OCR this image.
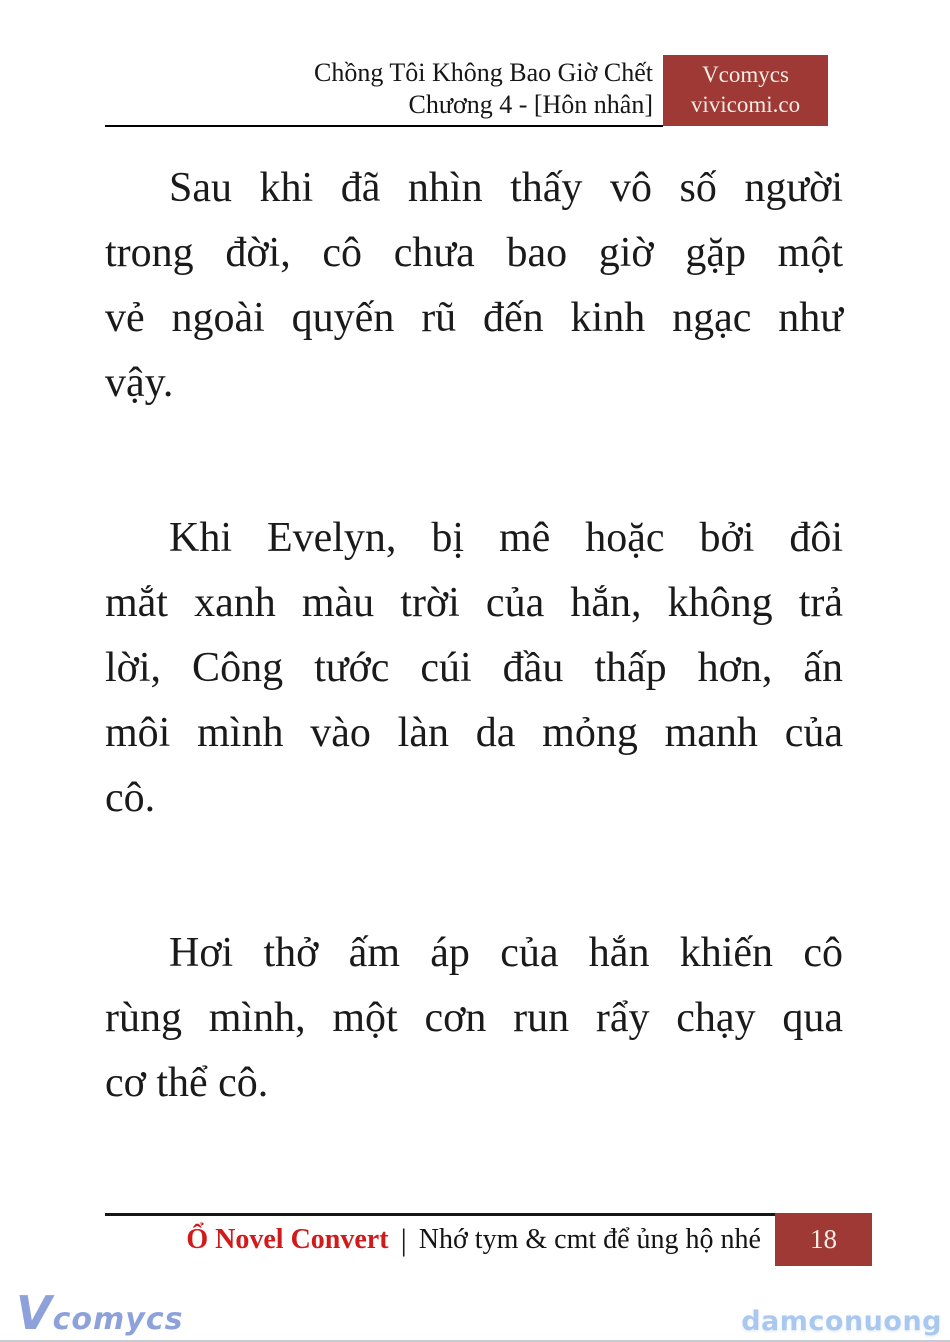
Chồng Tôi Không Bao Giờ Chết
Chương 4 - [Hôn nhân]
Vcomycs
vivicomi.co
Sau khi đã nhìn thấy vô số người
trong đời, cô chưa bao giờ gặp một
vẻ ngoài quyến rũ đến kinh ngạc như
vậy.
Khi Evelyn, bị mê hoặc bởi đôi
mắt xanh màu trời của hắn, không trả
lời, Công tước cúi đầu thấp hơn, ấn
môi mình vào làn da mỏng manh của
cô.
Hơi thở ấm áp của hắn khiến cô
rùng mình, một cơn run rẩy chạy qua
cơ thể cô.
Ổ Novel Convert | Nhớ tym & cmt để ủng hộ nhé 18
Vcomycs	damconuong
